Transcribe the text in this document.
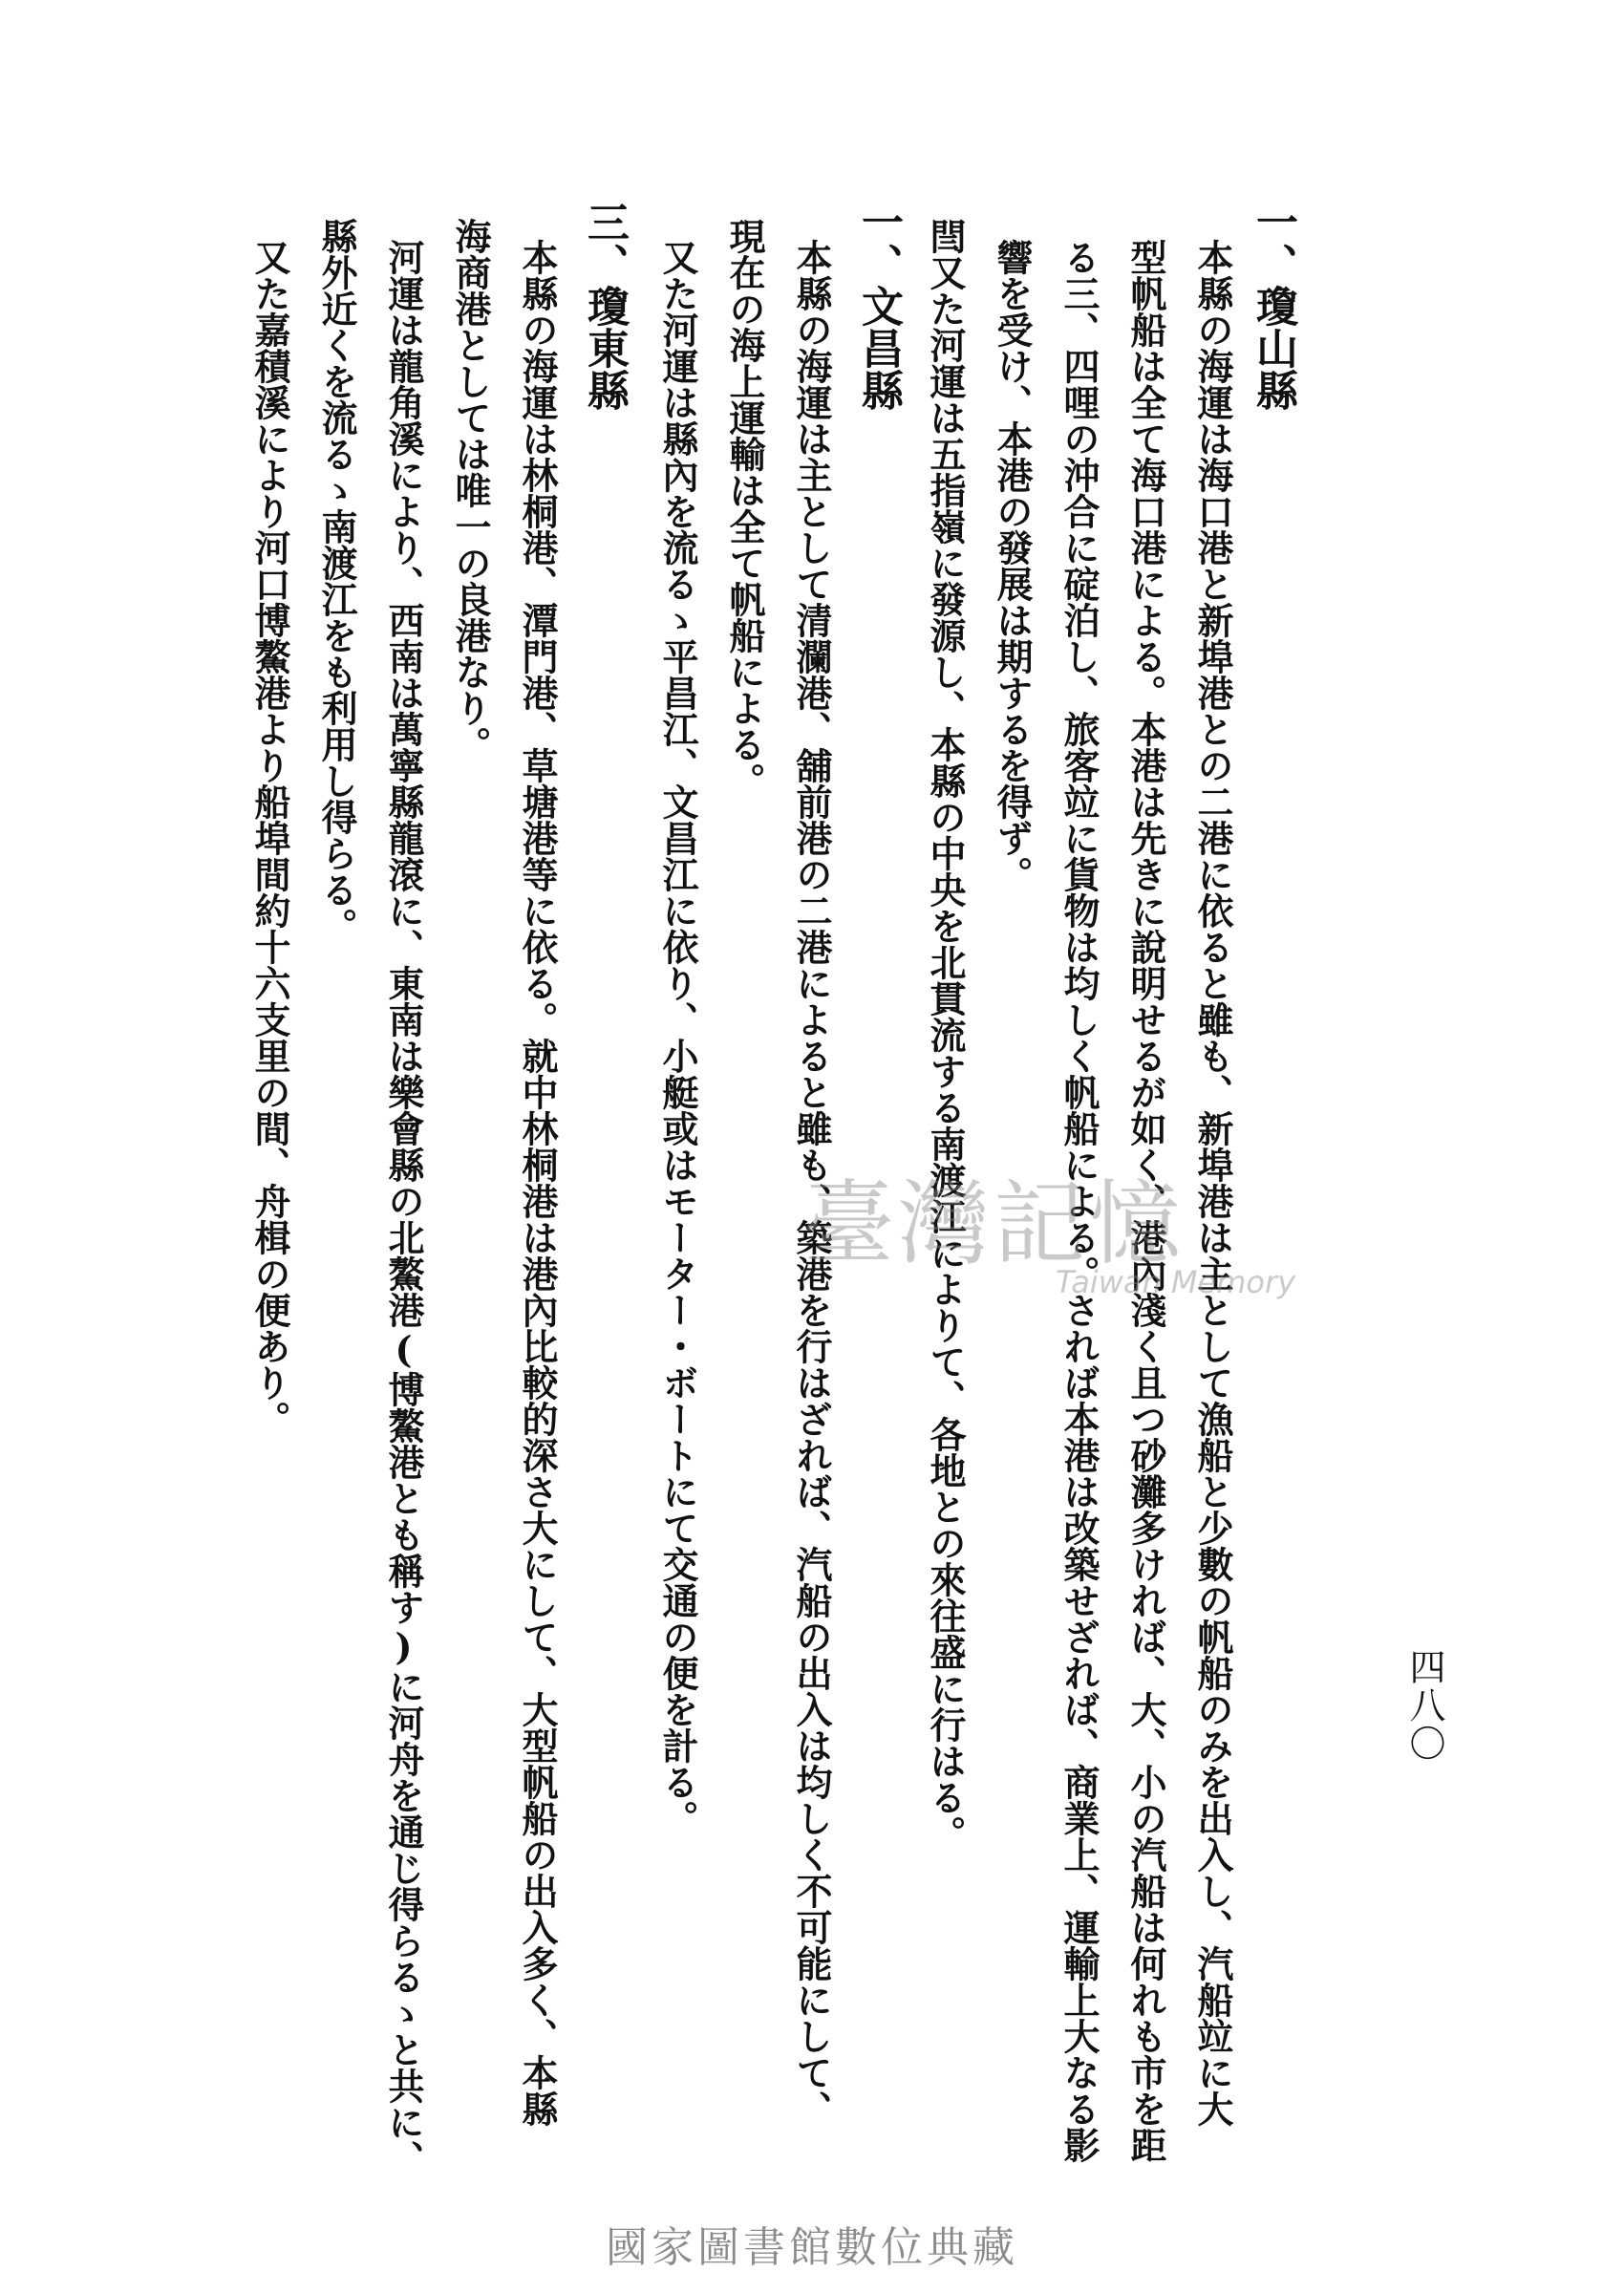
四八〇
一、瓊山縣
本縣の海運は海口港と新埠港との二港に依ると雖も、新埠港は主として漁船と少數の帆船のみを出入し、汽船竝に大
型帆船は全て海口港による。本港は先きに說明せるが如く、港內淺く且つ砂灘多ければ、大、小の汽船は何れも市を距
る三、四哩の沖合に碇泊し、旅客竝に貨物は均しく帆船による。されば本港は改築せざれば、商業上、運輸上大なる影
響を受け、本港の發展は期するを得ず。
閆又た河運は五指嶺に發源し、本縣の中央を北貫流する南渡江によりて、各地との來往盛に行はる。
一、文昌縣
本縣の海運は主として清瀾港、舖前港の二港によると雖も、築港を行はざれば、汽船の出入は均しく不可能にして、
現在の海上運輸は全て帆船による。
又た河運は縣內を流るゝ平昌江、文昌江に依り、小艇或はモーター・ボートにて交通の便を計る。
三、瓊東縣
本縣の海運は林桐港、潭門港、草塘港等に依る。就中林桐港は港內比較的深さ大にして、大型帆船の出入多く、本縣
海商港としては唯一の良港なり。
河運は龍角溪により、西南は萬寧縣龍滾に、東南は樂會縣の北鰲港(博鰲港とも稱す)に河舟を通じ得らるゝと共に、
縣外近くを流るゝ南渡江をも利用し得らる。
又た嘉積溪により河口博鰲港より船埠間約十六支里の間、舟楫の便あり。	臺灣記憶
Taiwan Memory
國家圖書館數位典藏
